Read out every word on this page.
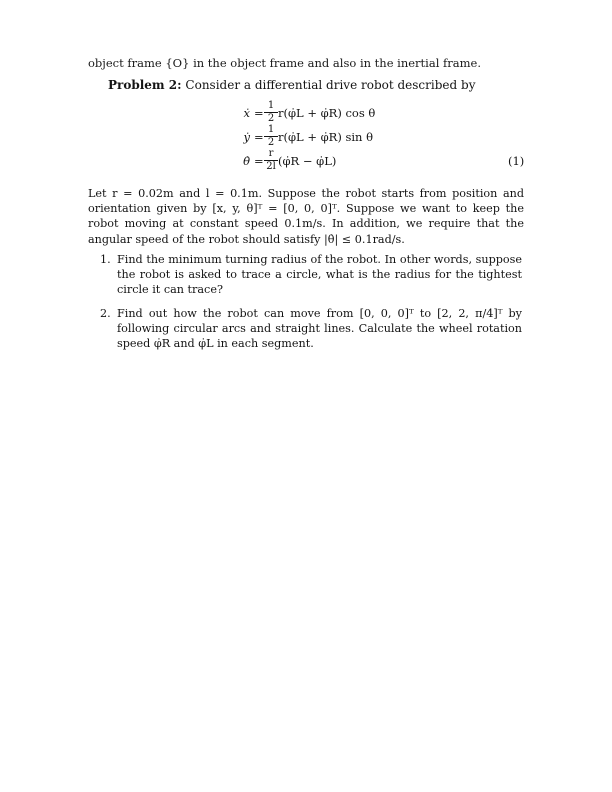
object frame {O} in the object frame and also in the inertial frame.
Problem 2: Consider a differential drive robot described by
ẋ = $\frac{1}{2}$ r(φ̇L + φ̇R) cos θ
ẏ = $\frac{1}{2}$ r(φ̇L + φ̇R) sin θ
θ̇ = $\frac{r}{2l}$ (φ̇R − φ̇L)	(1)
Let r = 0.02m and l = 0.1m. Suppose the robot starts from position and orientation given by [x, y, θ]ᵀ = [0, 0, 0]ᵀ. Suppose we want to keep the robot moving at constant speed 0.1m/s. In addition, we require that the angular speed of the robot should satisfy |θ̇| ≤ 0.1rad/s.
1. Find the minimum turning radius of the robot. In other words, suppose the robot is asked to trace a circle, what is the radius for the tightest circle it can trace?
2. Find out how the robot can move from [0, 0, 0]ᵀ to [2, 2, π/4]ᵀ by following circular arcs and straight lines. Calculate the wheel rotation speed φ̇R and φ̇L in each segment.
